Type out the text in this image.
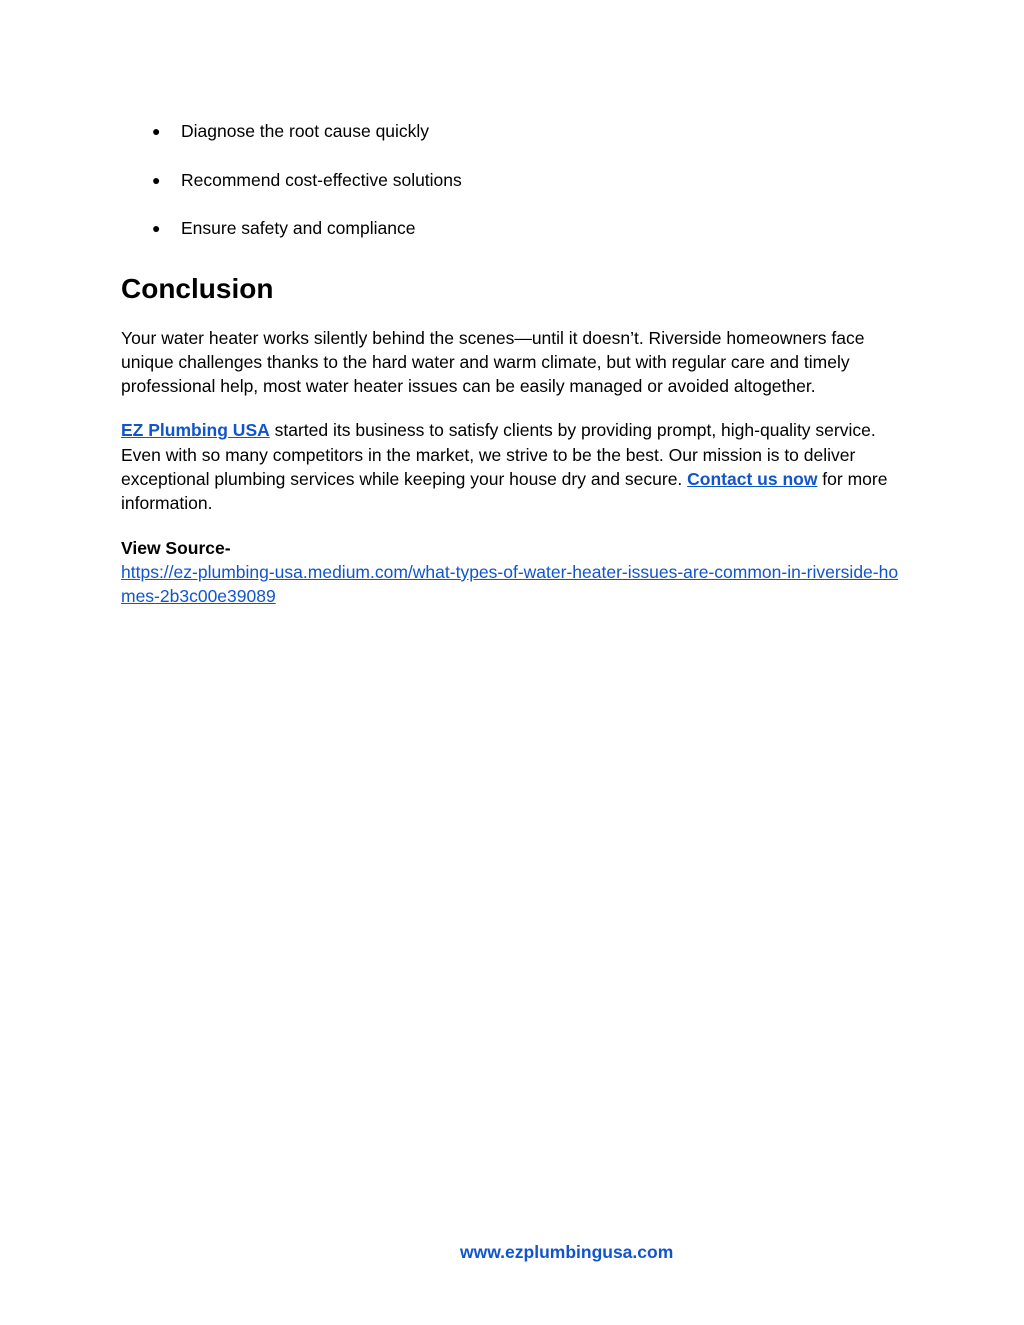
● Diagnose the root cause quickly
● Recommend cost-effective solutions
● Ensure safety and compliance
Conclusion

Your water heater works silently behind the scenes—until it doesn’t. Riverside homeowners face unique challenges thanks to the hard water and warm climate, but with regular care and timely professional help, most water heater issues can be easily managed or avoided altogether.

EZ Plumbing USA started its business to satisfy clients by providing prompt, high-quality service. Even with so many competitors in the market, we strive to be the best. Our mission is to deliver exceptional plumbing services while keeping your house dry and secure. Contact us now for more information.

View Source-
https://ez-plumbing-usa.medium.com/what-types-of-water-heater-issues-are-common-in-riverside-homes-2b3c00e39089
www.ezplumbingusa.com
